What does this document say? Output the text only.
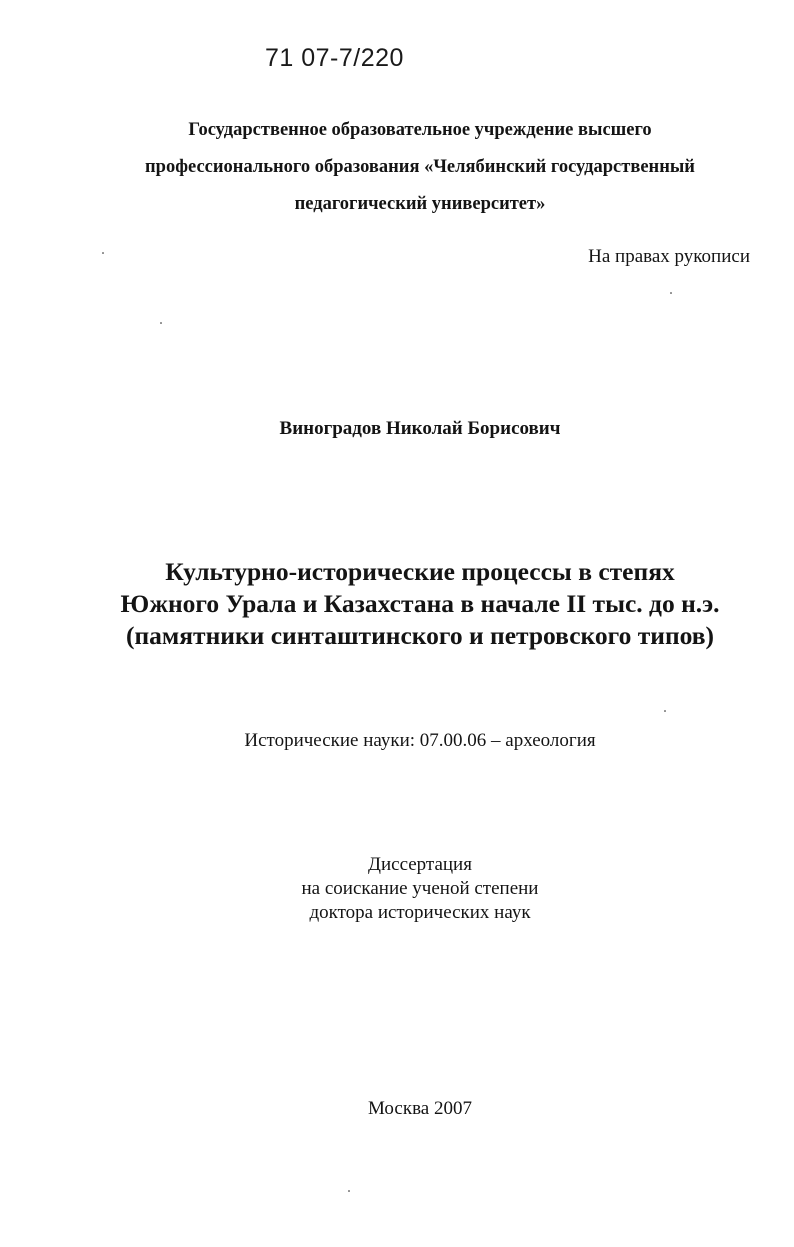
71 07-7/220
Государственное образовательное учреждение высшего
профессионального образования «Челябинский государственный
педагогический университет»
На правах рукописи
Виноградов Николай Борисович
Культурно-исторические процессы в степях
Южного Урала и Казахстана в начале II тыс. до н.э.
(памятники синташтинского и петровского типов)
Исторические науки: 07.00.06 – археология
Диссертация
на соискание ученой степени
доктора исторических наук
Москва 2007
